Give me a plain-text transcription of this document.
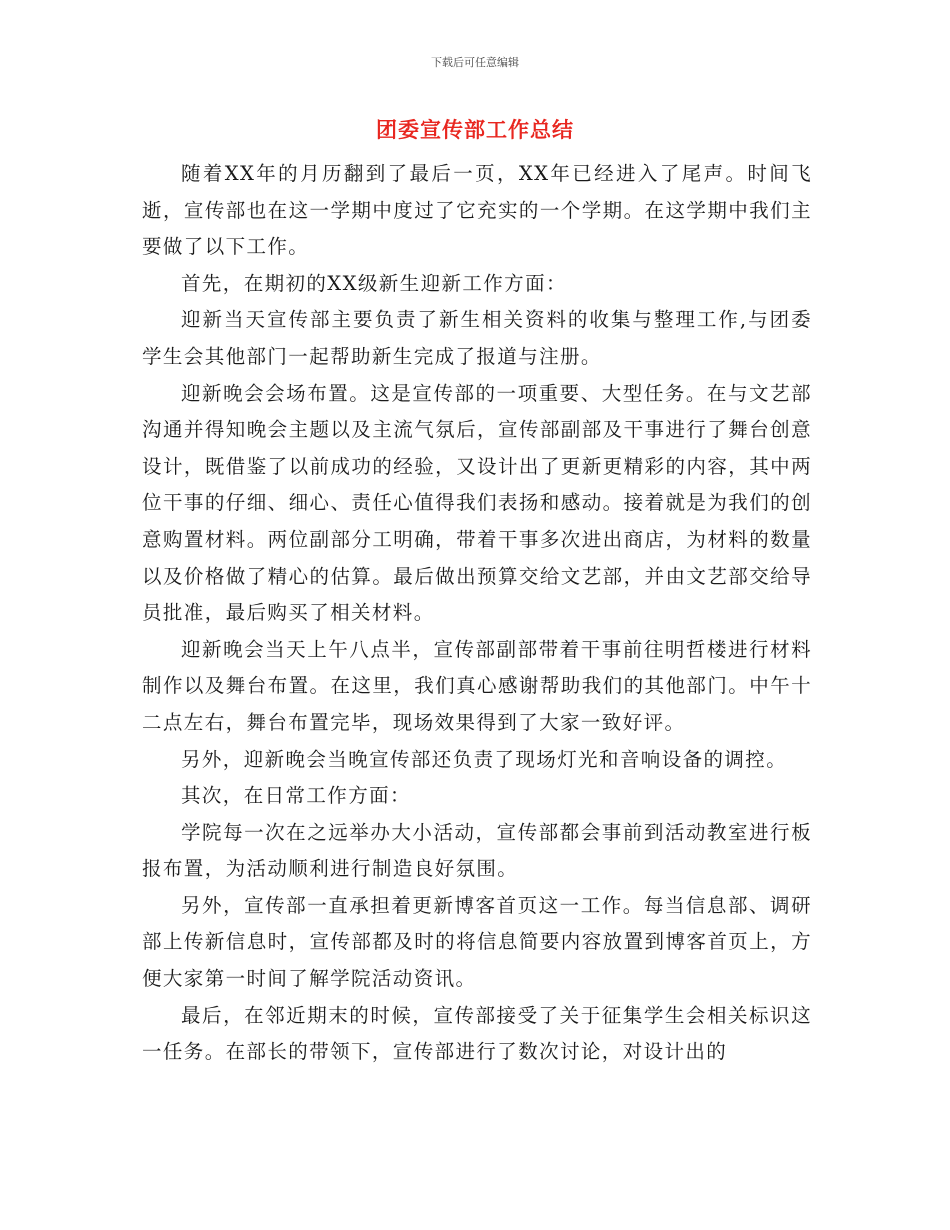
下载后可任意编辑
团委宣传部工作总结

随着XX年的月历翻到了最后一页，XX年已经进入了尾声。时间飞逝，宣传部也在这一学期中度过了它充实的一个学期。在这学期中我们主要做了以下工作。

首先，在期初的XX级新生迎新工作方面：

迎新当天宣传部主要负责了新生相关资料的收集与整理工作,与团委学生会其他部门一起帮助新生完成了报道与注册。

迎新晚会会场布置。这是宣传部的一项重要、大型任务。在与文艺部沟通并得知晚会主题以及主流气氛后，宣传部副部及干事进行了舞台创意设计，既借鉴了以前成功的经验，又设计出了更新更精彩的内容，其中两位干事的仔细、细心、责任心值得我们表扬和感动。接着就是为我们的创意购置材料。两位副部分工明确，带着干事多次进出商店，为材料的数量以及价格做了精心的估算。最后做出预算交给文艺部，并由文艺部交给导员批准，最后购买了相关材料。

迎新晚会当天上午八点半，宣传部副部带着干事前往明哲楼进行材料制作以及舞台布置。在这里，我们真心感谢帮助我们的其他部门。中午十二点左右，舞台布置完毕，现场效果得到了大家一致好评。

另外，迎新晚会当晚宣传部还负责了现场灯光和音响设备的调控。

其次，在日常工作方面：

学院每一次在之远举办大小活动，宣传部都会事前到活动教室进行板报布置，为活动顺利进行制造良好氛围。

另外，宣传部一直承担着更新博客首页这一工作。每当信息部、调研部上传新信息时，宣传部都及时的将信息简要内容放置到博客首页上，方便大家第一时间了解学院活动资讯。

最后，在邻近期末的时候，宣传部接受了关于征集学生会相关标识这一任务。在部长的带领下，宣传部进行了数次讨论，对设计出的
